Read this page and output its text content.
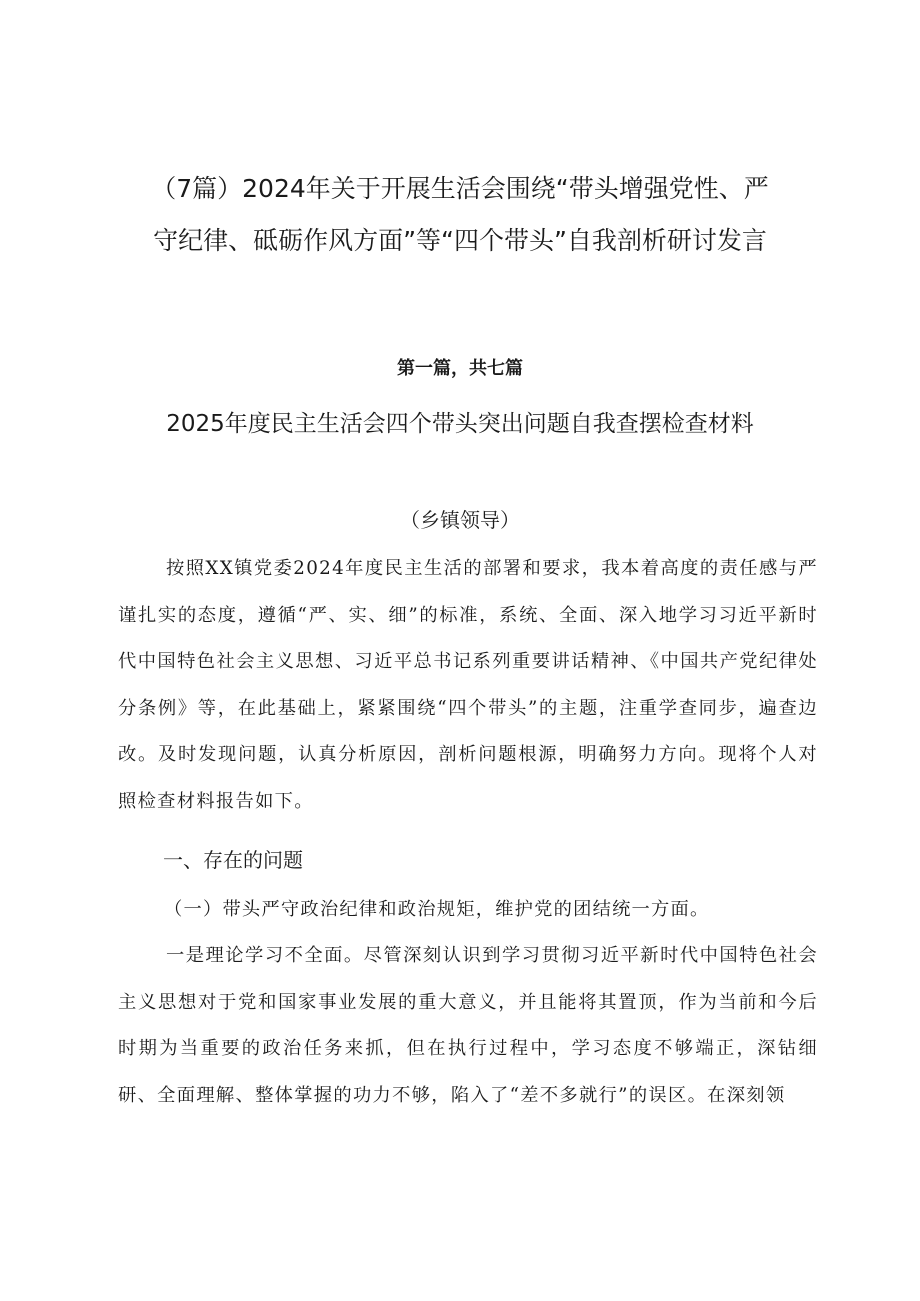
（7篇）2024年关于开展生活会围绕“带头增强党性、严守纪律、砥砺作风方面”等“四个带头”自我剖析研讨发言
第一篇，共七篇
2025年度民主生活会四个带头突出问题自我查摆检查材料
（乡镇领导）

按照XX镇党委2024年度民主生活的部署和要求，我本着高度的责任感与严谨扎实的态度，遵循“严、实、细”的标准，系统、全面、深入地学习习近平新时代中国特色社会主义思想、习近平总书记系列重要讲话精神、《中国共产党纪律处分条例》等，在此基础上，紧紧围绕“四个带头”的主题，注重学查同步，遍查边改。及时发现问题，认真分析原因，剖析问题根源，明确努力方向。现将个人对照检查材料报告如下。

一、存在的问题

（一）带头严守政治纪律和政治规矩，维护党的团结统一方面。

一是理论学习不全面。尽管深刻认识到学习贯彻习近平新时代中国特色社会主义思想对于党和国家事业发展的重大意义，并且能将其置顶，作为当前和今后时期为当重要的政治任务来抓，但在执行过程中，学习态度不够端正，深钻细研、全面理解、整体掌握的功力不够，陷入了“差不多就行”的误区。在深刻领
